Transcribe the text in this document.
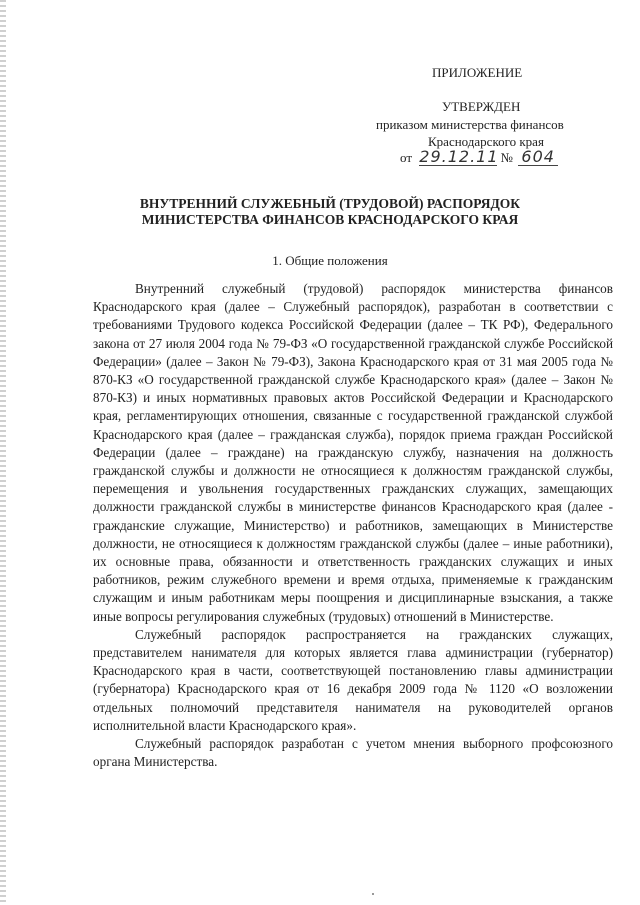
ПРИЛОЖЕНИЕ
УТВЕРЖДЕН
приказом министерства финансов
Краснодарского края
от 29.12.11 № 604
ВНУТРЕННИЙ СЛУЖЕБНЫЙ (ТРУДОВОЙ) РАСПОРЯДОК
МИНИСТЕРСТВА ФИНАНСОВ КРАСНОДАРСКОГО КРАЯ
1. Общие положения

Внутренний служебный (трудовой) распорядок министерства финансов Краснодарского края (далее – Служебный распорядок), разработан в соответствии с требованиями Трудового кодекса Российской Федерации (далее – ТК РФ), Федерального закона от 27 июля 2004 года № 79-ФЗ «О государственной гражданской службе Российской Федерации» (далее – Закон № 79-ФЗ), Закона Краснодарского края от 31 мая 2005 года № 870-КЗ «О государственной гражданской службе Краснодарского края» (далее – Закон № 870-КЗ) и иных нормативных правовых актов Российской Федерации и Краснодарского края, регламентирующих отношения, связанные с государственной гражданской службой Краснодарского края (далее – гражданская служба), порядок приема граждан Российской Федерации (далее – граждане) на гражданскую службу, назначения на должность гражданской службы и должности не относящиеся к должностям гражданской службы, перемещения и увольнения государственных гражданских служащих, замещающих должности гражданской службы в министерстве финансов Краснодарского края (далее - гражданские служащие, Министерство) и работников, замещающих в Министерстве должности, не относящиеся к должностям гражданской службы (далее – иные работники), их основные права, обязанности и ответственность гражданских служащих и иных работников, режим служебного времени и время отдыха, применяемые к гражданским служащим и иным работникам меры поощрения и дисциплинарные взыскания, а также иные вопросы регулирования служебных (трудовых) отношений в Министерстве.

Служебный распорядок распространяется на гражданских служащих, представителем нанимателя для которых является глава администрации (губернатор) Краснодарского края в части, соответствующей постановлению главы администрации (губернатора) Краснодарского края от 16 декабря 2009 года № 1120 «О возложении отдельных полномочий представителя нанимателя на руководителей органов исполнительной власти Краснодарского края».

Служебный распорядок разработан с учетом мнения выборного профсоюзного органа Министерства.
